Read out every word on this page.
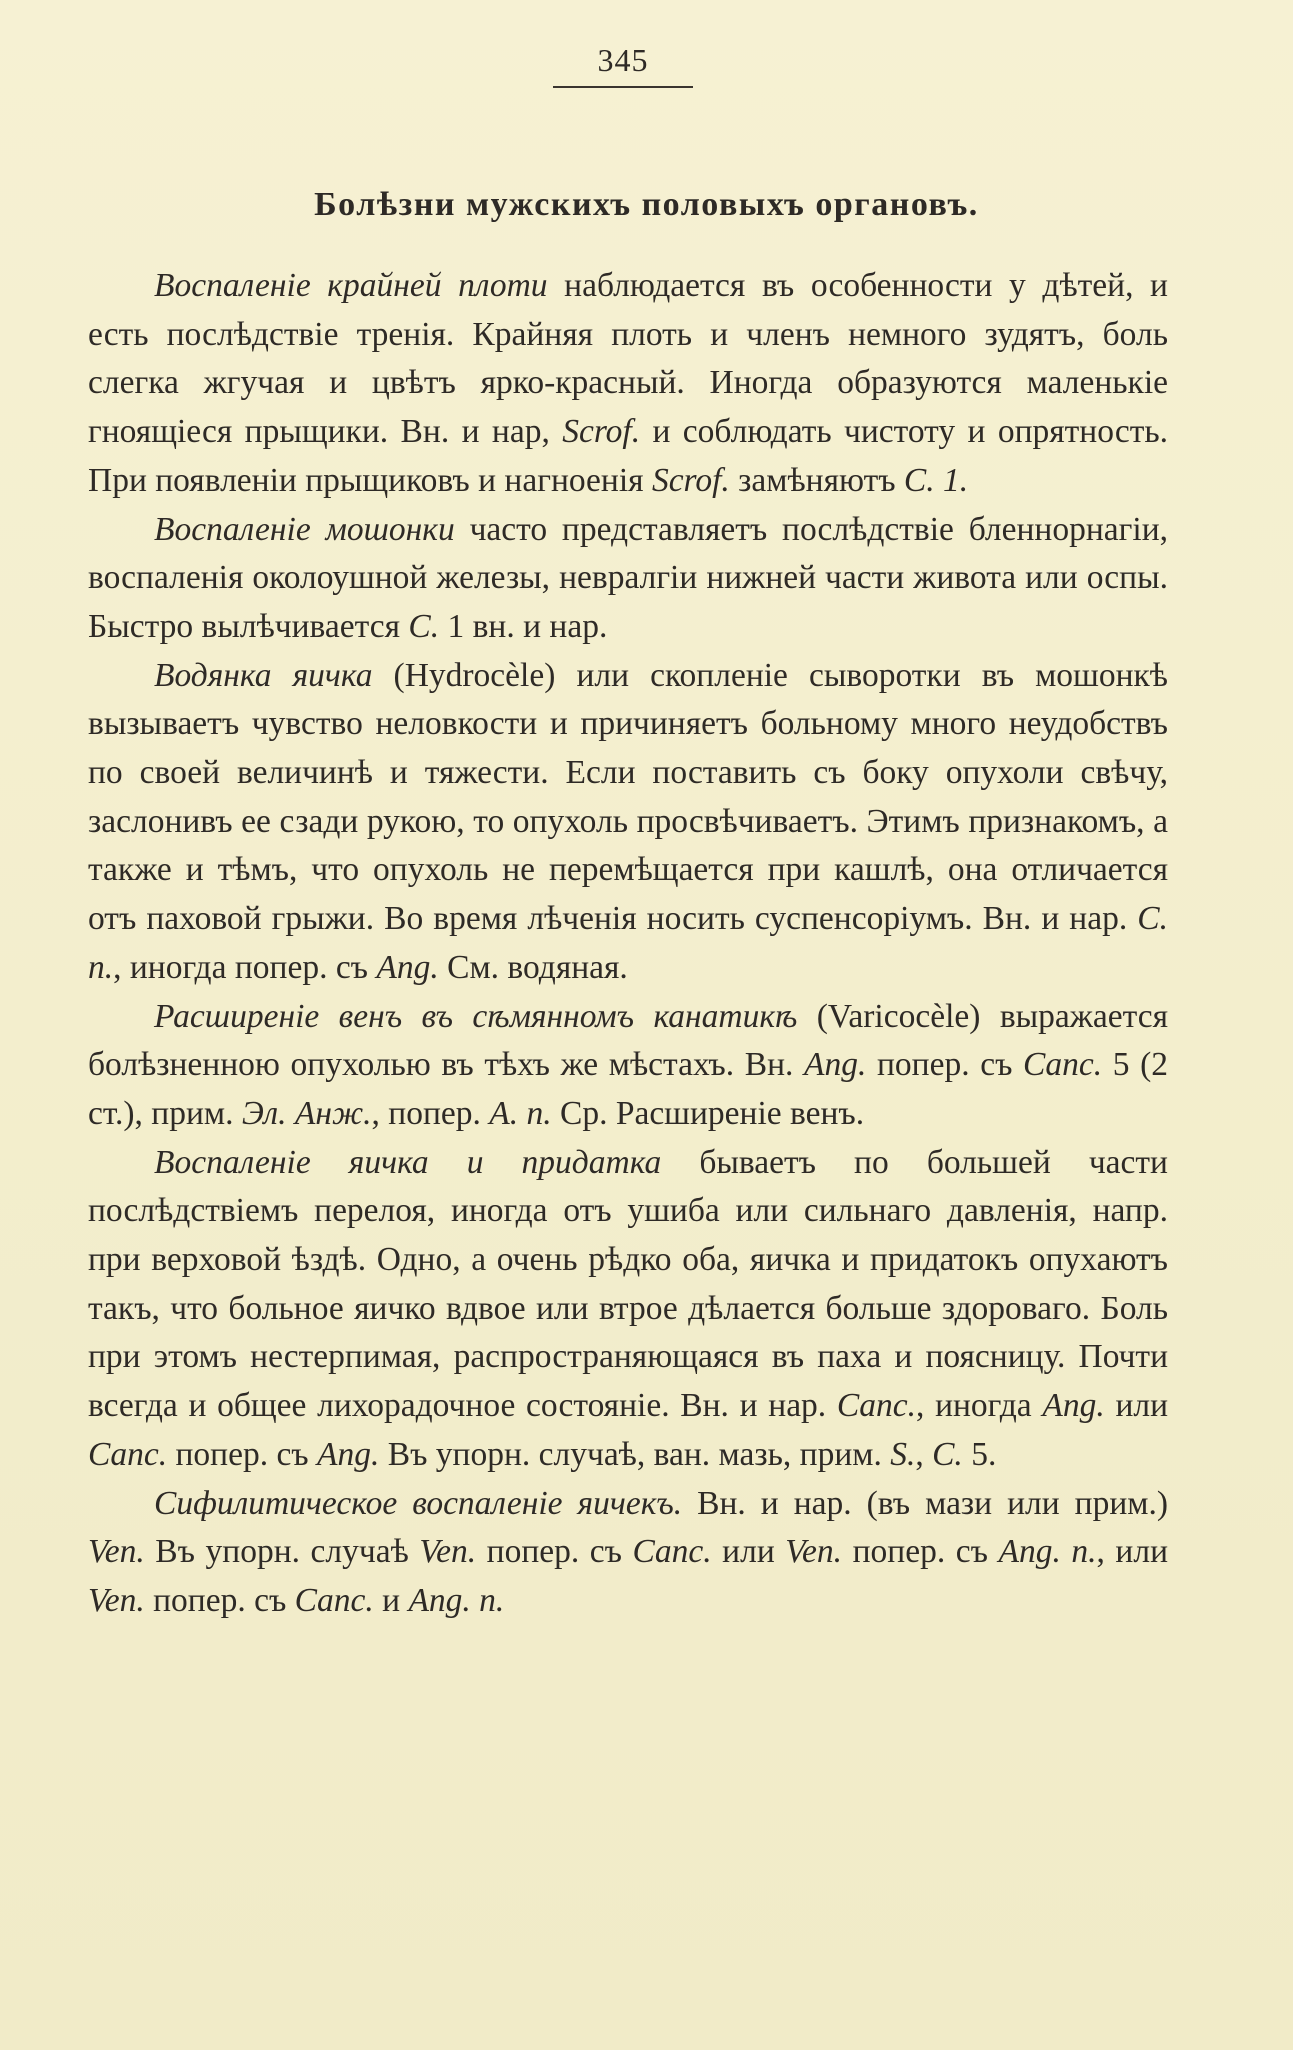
345
Болѣзни мужскихъ половыхъ органовъ.

Воспаленіе крайней плоти наблюдается въ особенности у дѣтей, и есть послѣдствіе тренія. Крайняя плоть и членъ немного зудятъ, боль слегка жгучая и цвѣтъ ярко-красный. Иногда образуются маленькіе гноящіеся прыщики. Вн. и нар, Scrof. и соблюдать чистоту и опрятность. При появленіи прыщиковъ и нагноенія Scrof. замѣняютъ С. 1.

Воспаленіе мошонки часто представляетъ послѣдствіе бленнорнагіи, воспаленія околоушной железы, невралгіи нижней части живота или оспы. Быстро вылѣчивается С. 1 вн. и нар.

Водянка яичка (Hydrocèle) или скопленіе сыворотки въ мошонкѣ вызываетъ чувство неловкости и причиняетъ больному много неудобствъ по своей величинѣ и тяжести. Если поставить съ боку опухоли свѣчу, заслонивъ ее сзади рукою, то опухоль просвѣчиваетъ. Этимъ признакомъ, а также и тѣмъ, что опухоль не перемѣщается при кашлѣ, она отличается отъ паховой грыжи. Во время лѣченія носить суспенсоріумъ. Вн. и нар. С. n., иногда попер. съ Ang. См. водяная.

Расширеніе венъ въ сѣмянномъ канатикѣ (Varicocèle) выражается болѣзненною опухолью въ тѣхъ же мѣстахъ. Вн. Ang. попер. съ Canc. 5 (2 ст.), прим. Эл. Анж., попер. А. n. Ср. Расширеніе венъ.

Воспаленіе яичка и придатка бываетъ по большей части послѣдствіемъ перелоя, иногда отъ ушиба или сильнаго давленія, напр. при верховой ѣздѣ. Одно, а очень рѣдко оба, яичка и придатокъ опухаютъ такъ, что больное яичко вдвое или втрое дѣлается больше здороваго. Боль при этомъ нестерпимая, распространяющаяся въ паха и поясницу. Почти всегда и общее лихорадочное состояніе. Вн. и нар. Canc., иногда Ang. или Canc. попер. съ Ang. Въ упорн. случаѣ, ван. мазь, прим. S., С. 5.

Сифилитическое воспаленіе яичекъ. Вн. и нар. (въ мази или прим.) Ven. Въ упорн. случаѣ Ven. попер. съ Canc. или Ven. попер. съ Ang. n., или Ven. попер. съ Canc. и Ang. n.
